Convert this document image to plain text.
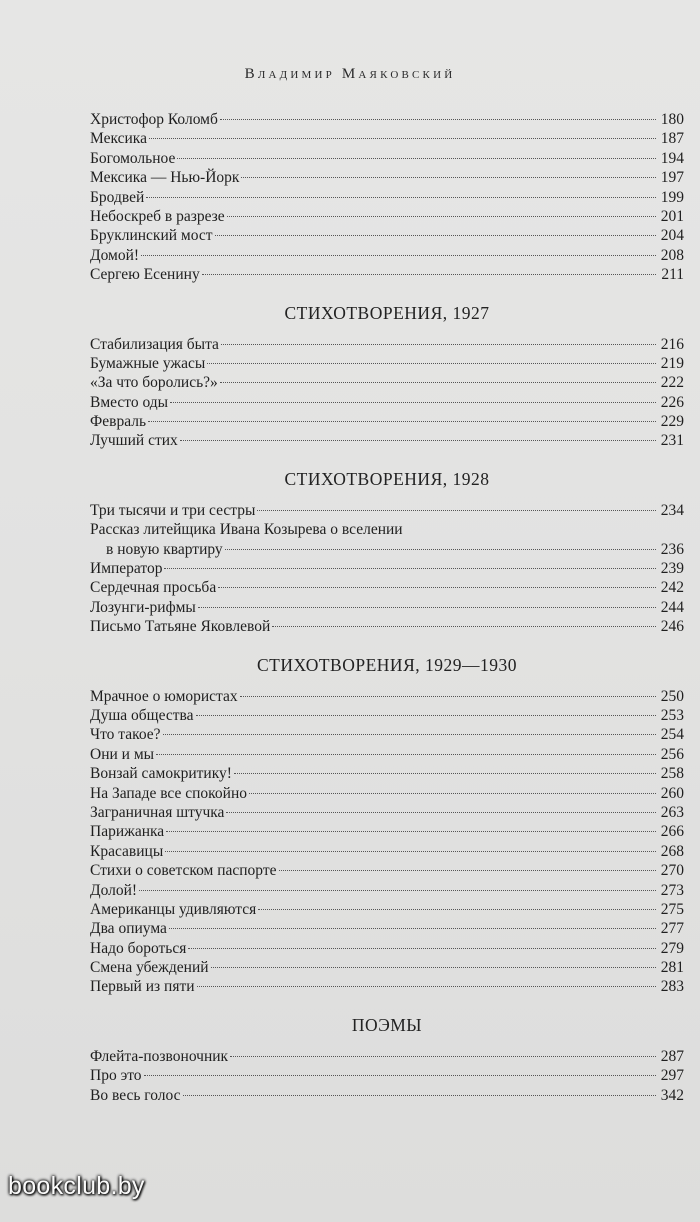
Владимир Маяковский
Христофор Коломб	180
Мексика	187
Богомольное	194
Мексика — Нью-Йорк	197
Бродвей	199
Небоскреб в разрезе	201
Бруклинский мост	204
Домой!	208
Сергею Есенину	211
СТИХОТВОРЕНИЯ, 1927
Стабилизация быта	216
Бумажные ужасы	219
«За что боролись?»	222
Вместо оды	226
Февраль	229
Лучший стих	231
СТИХОТВОРЕНИЯ, 1928
Три тысячи и три сестры	234
Рассказ литейщика Ивана Козырева о вселении
в новую квартиру	236
Император	239
Сердечная просьба	242
Лозунги-рифмы	244
Письмо Татьяне Яковлевой	246
СТИХОТВОРЕНИЯ, 1929—1930
Мрачное о юмористах	250
Душа общества	253
Что такое?	254
Они и мы	256
Вонзай самокритику!	258
На Западе все спокойно	260
Заграничная штучка	263
Парижанка	266
Красавицы	268
Стихи о советском паспорте	270
Долой!	273
Американцы удивляются	275
Два опиума	277
Надо бороться	279
Смена убеждений	281
Первый из пяти	283
ПОЭМЫ
Флейта-позвоночник	287
Про это	297
Во весь голос	342
bookclub.by
